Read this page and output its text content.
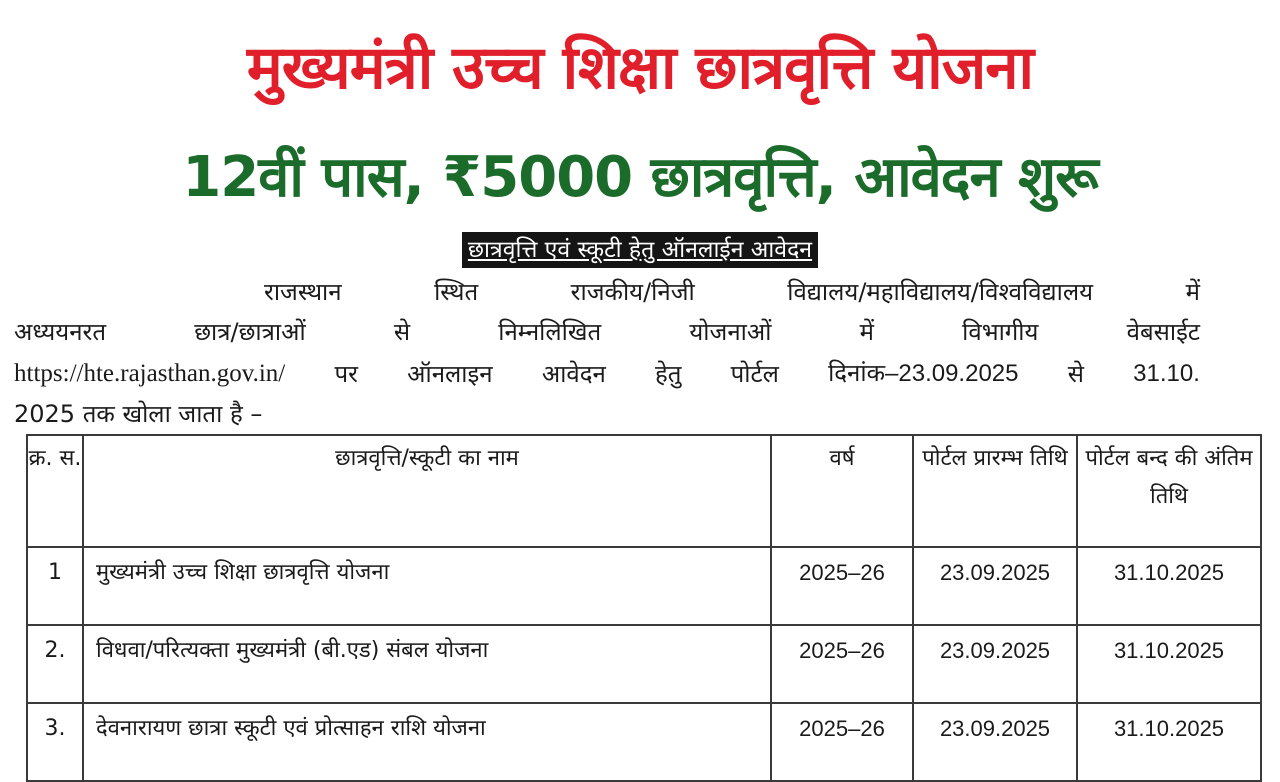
मुख्यमंत्री उच्च शिक्षा छात्रवृत्ति योजना
12वीं पास, ₹5000 छात्रवृत्ति, आवेदन शुरू
छात्रवृत्ति एवं स्कूटी हेतु ऑनलाईन आवेदन
राजस्थान	स्थित	राजकीय/निजी	विद्यालय/महाविद्यालय/विश्वविद्यालय	में
अध्ययनरत	छात्र/छात्राओं	से	निम्नलिखित	योजनाओं	में	विभागीय	वेबसाईट
https://hte.rajasthan.gov.in/ पर ऑनलाइन आवेदन हेतु पोर्टल दिनांक–23.09.2025 से 31.10.
2025 तक खोला जाता है –
क्र. स.	छात्रवृत्ति/स्कूटी का नाम	वर्ष	पोर्टल प्रारम्भ तिथि	पोर्टल बन्द की अंतिम तिथि
1	मुख्यमंत्री उच्च शिक्षा छात्रवृत्ति योजना	2025–26	23.09.2025	31.10.2025
2.	विधवा/परित्यक्ता मुख्यमंत्री (बी.एड) संबल योजना	2025–26	23.09.2025	31.10.2025
3.	देवनारायण छात्रा स्कूटी एवं प्रोत्साहन राशि योजना	2025–26	23.09.2025	31.10.2025
